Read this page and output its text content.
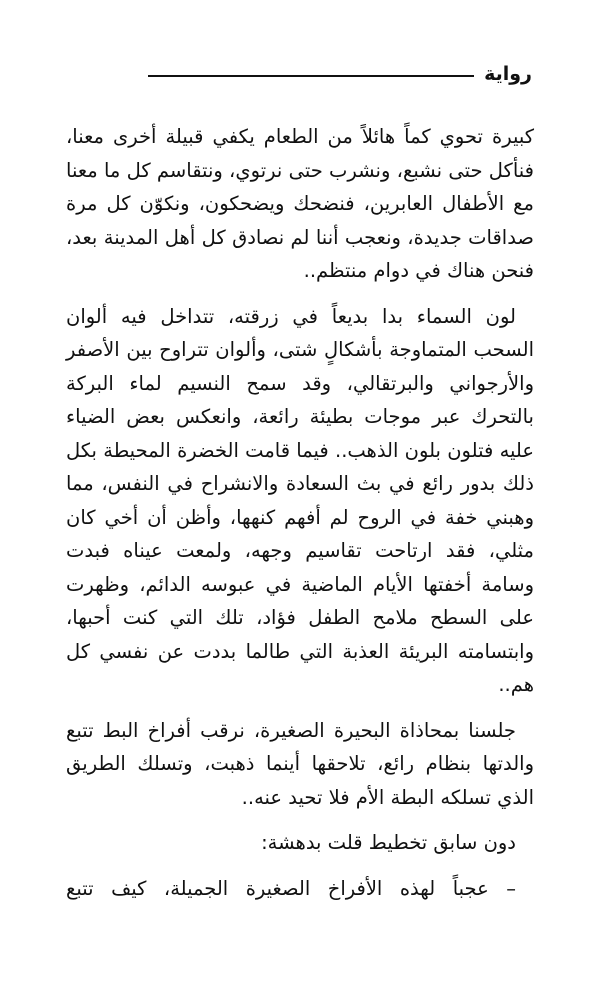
رواية

كبيرة تحوي كماً هائلاً من الطعام يكفي قبيلة أخرى معنا، فنأكل حتى نشبع، ونشرب حتى نرتوي، ونتقاسم كل ما معنا مع الأطفال العابرين، فنضحك ويضحكون، ونكوّن كل مرة صداقات جديدة، ونعجب أننا لم نصادق كل أهل المدينة بعد، فنحن هناك في دوام منتظم..

لون السماء بدا بديعاً في زرقته، تتداخل فيه ألوان السحب المتماوجة بأشكالٍ شتى، وألوان تتراوح بين الأصفر والأرجواني والبرتقالي، وقد سمح النسيم لماء البركة بالتحرك عبر موجات بطيئة رائعة، وانعكس بعض الضياء عليه فتلون بلون الذهب.. فيما قامت الخضرة المحيطة بكل ذلك بدور رائع في بث السعادة والانشراح في النفس، مما وهبني خفة في الروح لم أفهم كنهها، وأظن أن أخي كان مثلي، فقد ارتاحت تقاسيم وجهه، ولمعت عيناه فبدت وسامة أخفتها الأيام الماضية في عبوسه الدائم، وظهرت على السطح ملامح الطفل فؤاد، تلك التي كنت أحبها، وابتسامته البريئة العذبة التي طالما بددت عن نفسي كل هم..

جلسنا بمحاذاة البحيرة الصغيرة، نرقب أفراخ البط تتبع والدتها بنظام رائع، تلاحقها أينما ذهبت، وتسلك الطريق الذي تسلكه البطة الأم فلا تحيد عنه..

دون سابق تخطيط قلت بدهشة:

– عجباً لهذه الأفراخ الصغيرة الجميلة، كيف تتبع
